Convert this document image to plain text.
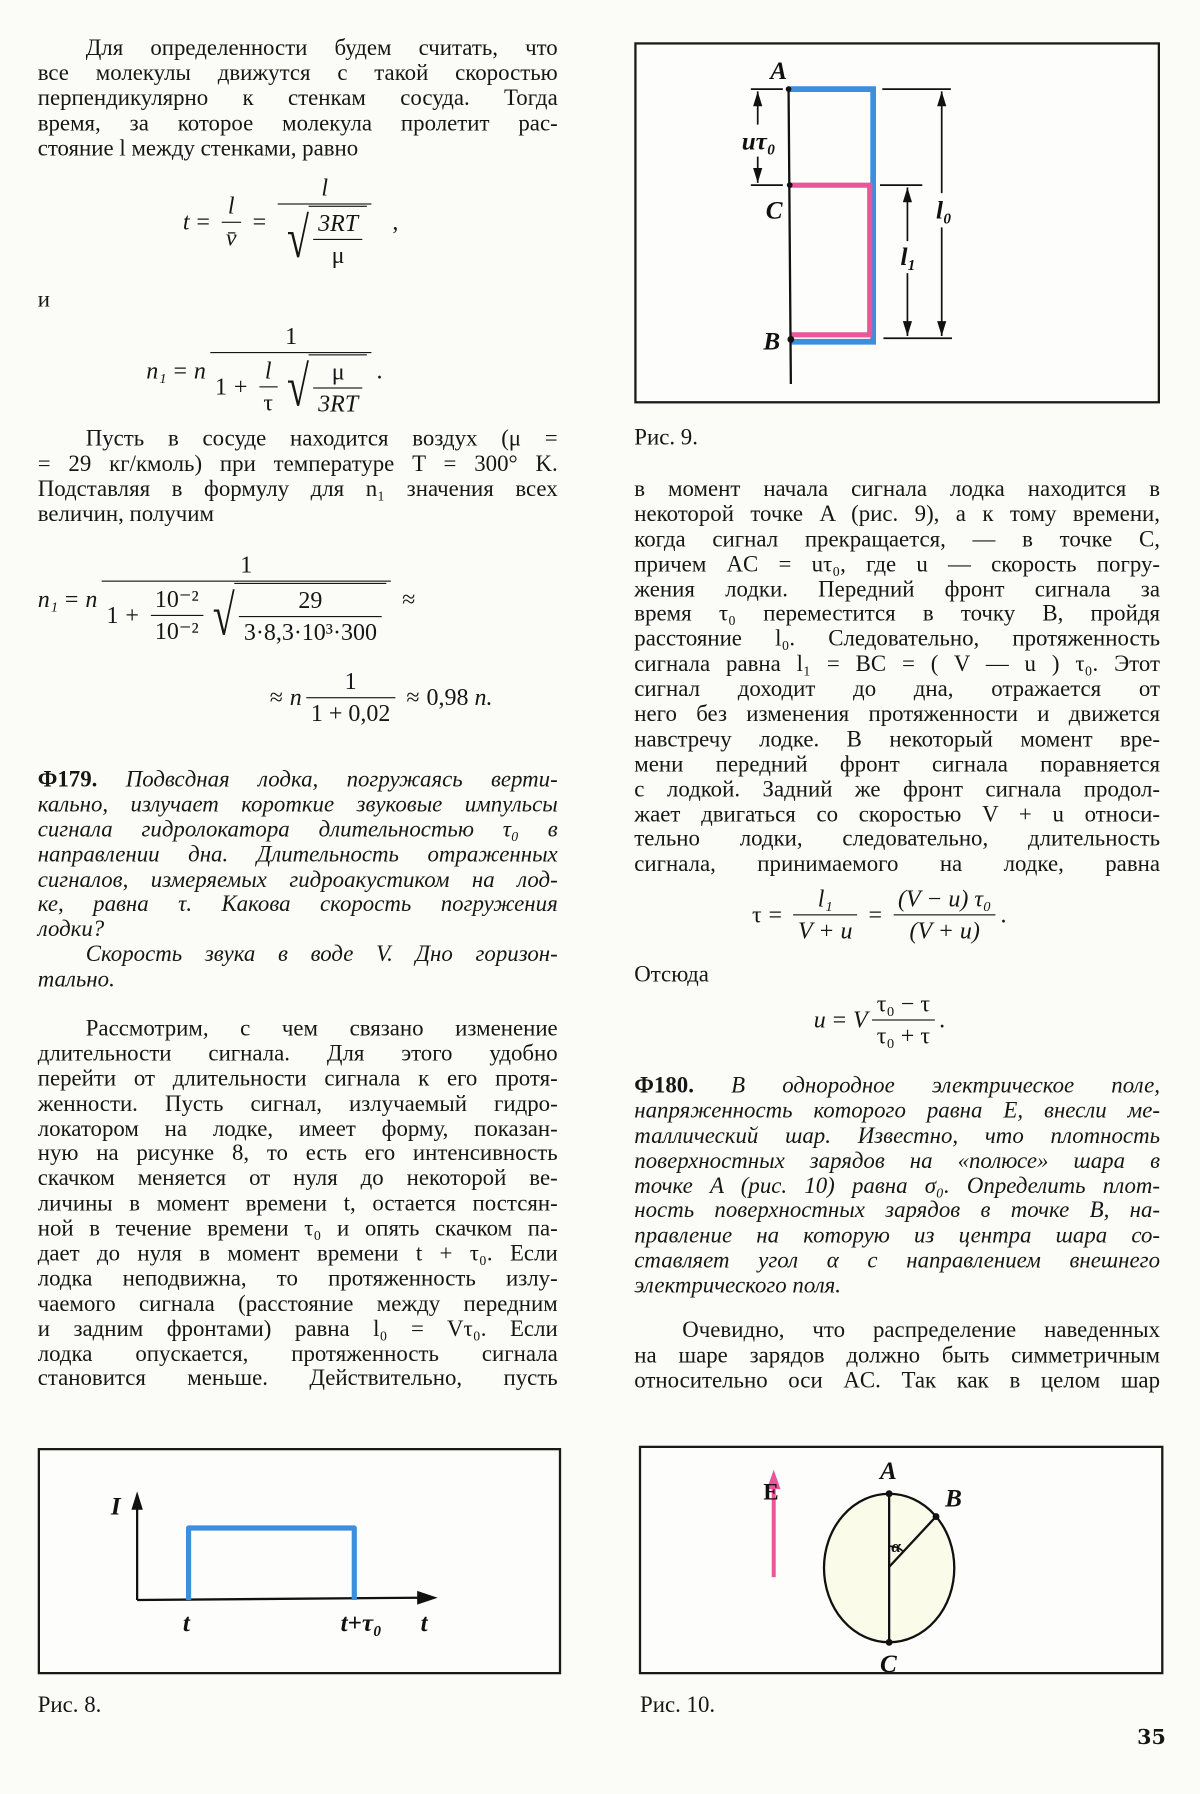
Для определенности будем считать, что
все молекулы движутся с такой скоростью
перпендикулярно к стенкам сосуда. Тогда
время, за которое молекула пролетит рас-
стояние l между стенками, равно
$t = \frac{l}{v̄} = \frac{l}{√ \frac{3RT}{\mu}}$ ,
и
n₁ = n $\frac{1}{1 + \frac{l}{\tau} √ \frac{\mu}{3RT}}$ .
Пусть в сосуде находится воздух (μ =
= 29 кг/кмоль) при температуре T = 300° K.
Подставляя в формулу для n₁ значения всех
величин, получим
n₁ = n $\frac{1}{1 + \frac{\text{10⁻²}}{\text{10⁻²}} √ \frac{29}{\text{3·8,3·10³·300}}}$ ≈
≈ n $\frac{1}{1 + 0,02} \approx 0,98$
n.
Ф179. Подвсдная лодка, погружаясь верти-
кально, излучает короткие звуковые импульсы
сигнала гидролокатора длительностью τ₀ в
направлении дна. Длительность отраженных
сигналов, измеряемых гидроакустиком на лод-
ке, равна τ. Какова скорость погружения
лодки?
Скорость звука в воде V. Дно горизон-
тально.
Рассмотрим, с чем связано изменение
длительности сигнала. Для этого удобно
перейти от длительности сигнала к его протя-
женности. Пусть сигнал, излучаемый гидро-
локатором на лодке, имеет форму, показан-
ную на рисунке 8, то есть его интенсивность
скачком меняется от нуля до некоторой ве-
личины в момент времени t, остается постсян-
ной в течение времени τ₀ и опять скачком па-
дает до нуля в момент времени t + τ₀. Если
лодка неподвижна, то протяженность излу-
чаемого сигнала (расстояние между передним
и задним фронтами) равна l₀ = Vτ₀. Если
лодка опускается, протяженность сигнала
становится меньше. Действительно, пусть
I
t	t+τ₀ t
Рис. 8.
A
C
B
uτ₀
l₀
l₁
Рис. 9.
в момент начала сигнала лодка находится в
некоторой точке A (рис. 9), а к тому времени,
когда сигнал прекращается, — в точке C,
причем AC = uτ₀, где u — скорость погру-
жения лодки. Передний фронт сигнала за
время τ₀ переместится в точку B, пройдя
расстояние l₀. Следовательно, протяженность
сигнала равна l₁ = BC = ( V — u ) τ₀. Этот
сигнал доходит до дна, отражается от
него без изменения протяженности и движется
навстречу лодке. В некоторый момент вре-
мени передний фронт сигнала поравняется
с лодкой. Задний же фронт сигнала продол-
жает двигаться со скоростью V + u относи-
тельно лодки, следовательно, длительность
сигнала, принимаемого на лодке, равна
$\tau = \frac{\text{l₁}}{V + u} = \frac{\text{(V − u) τ₀}}{(V + u)}$ .
Отсюда
u = V $\frac{\text{τ₀ − τ}}{\text{τ₀ + τ}}$ .
Ф180. В однородное электрическое поле,
напряженность которого равна E, внесли ме-
таллический шар. Известно, что плотность
поверхностных зарядов на «полюсе» шара в
точке A (рис. 10) равна σ₀. Определить плот-
ность поверхностных зарядов в точке B, на-
правление на которую из центра шара со-
ставляет угол α с направлением внешнего
электрического поля.
Очевидно, что распределение наведенных
на шаре зарядов должно быть симметричным
относительно оси AC. Так как в целом шар
E
A
B
C
α
Рис. 10.
35
